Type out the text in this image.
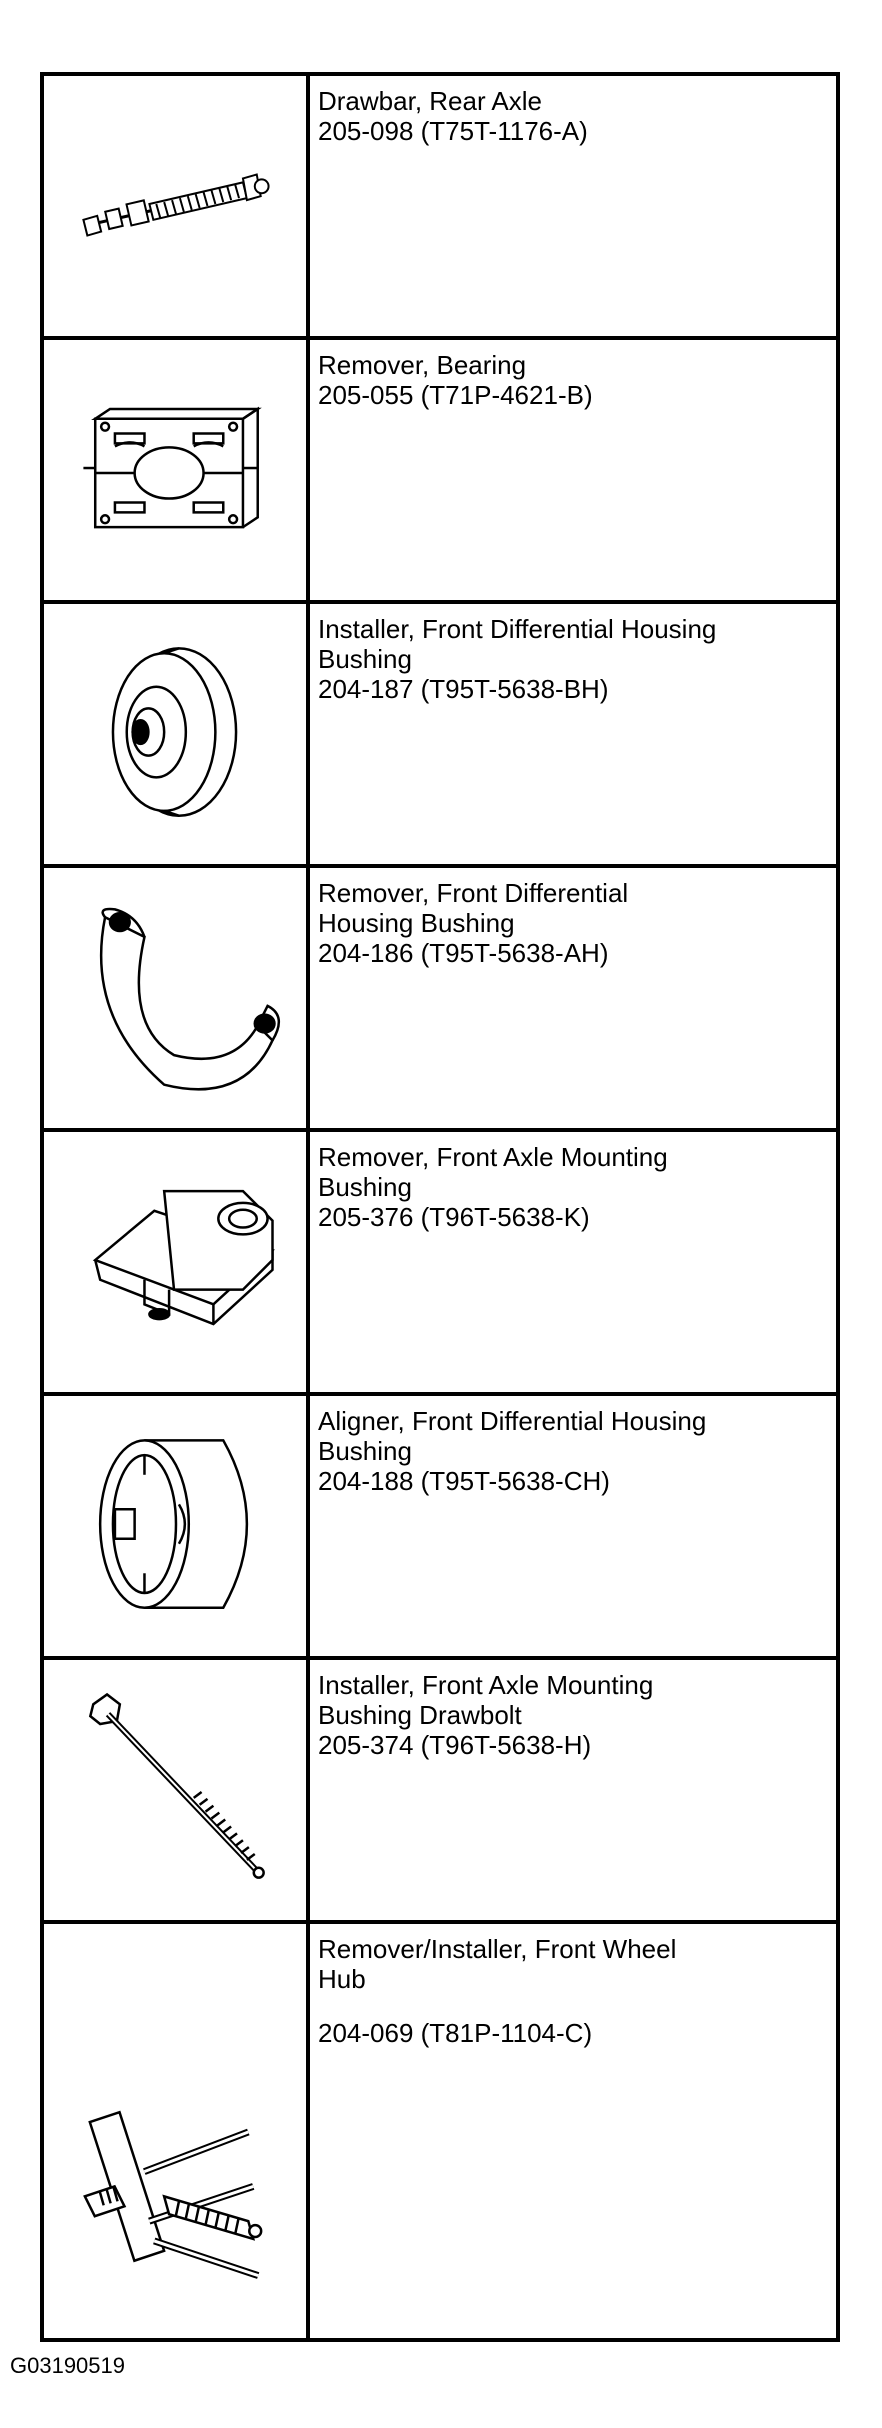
Drawbar, Rear Axle
205-098 (T75T-1176-A)

Remover, Bearing
205-055 (T71P-4621-B)

Installer, Front Differential Housing
Bushing
204-187 (T95T-5638-BH)

Remover, Front Differential
Housing Bushing
204-186 (T95T-5638-AH)

Remover, Front Axle Mounting
Bushing
205-376 (T96T-5638-K)

Aligner, Front Differential Housing
Bushing
204-188 (T95T-5638-CH)

Installer, Front Axle Mounting
Bushing Drawbolt
205-374 (T96T-5638-H)

Remover/Installer, Front Wheel
Hub
204-069 (T81P-1104-C)
G03190519
